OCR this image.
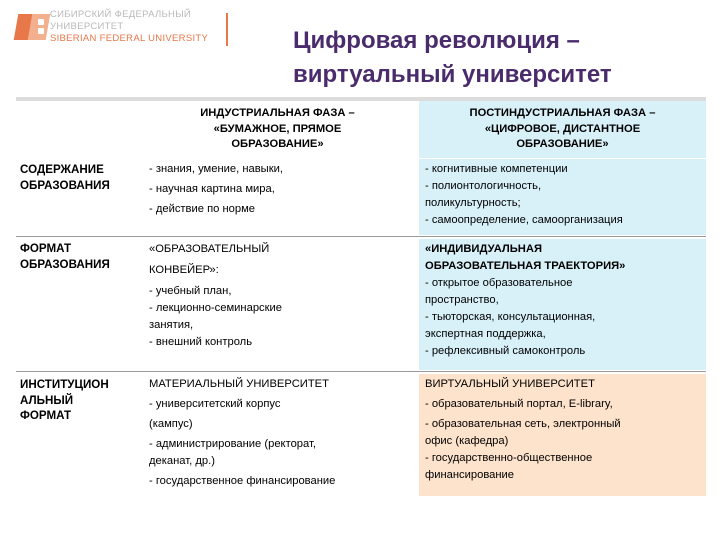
СИБИРСКИЙ ФЕДЕРАЛЬНЫЙ УНИВЕРСИТЕТ
SIBERIAN FEDERAL UNIVERSITY	Цифровая революция –
виртуальный университет
ИНДУСТРИАЛЬНАЯ ФАЗА –
«БУМАЖНОЕ, ПРЯМОЕ
ОБРАЗОВАНИЕ»
ПОСТИНДУСТРИАЛЬНАЯ ФАЗА –
«ЦИФРОВОЕ, ДИСТАНТНОЕ
ОБРАЗОВАНИЕ»
СОДЕРЖАНИЕ
ОБРАЗОВАНИЯ
- знания, умение, навыки,
- научная картина мира,
- действие по норме
- когнитивные компетенции
- полионтологичность,
поликультурность;
- самоопределение, самоорганизация
ФОРМАТ
ОБРАЗОВАНИЯ
«ОБРАЗОВАТЕЛЬНЫЙ
КОНВЕЙЕР»:
- учебный план,
- лекционно-семинарские
занятия,
- внешний контроль
«ИНДИВИДУАЛЬНАЯ
ОБРАЗОВАТЕЛЬНАЯ ТРАЕКТОРИЯ»
- открытое образовательное
пространство,
- тьюторская, консультационная,
экспертная поддержка,
- рефлексивный самоконтроль
ИНСТИТУЦИОН
АЛЬНЫЙ
ФОРМАТ
МАТЕРИАЛЬНЫЙ УНИВЕРСИТЕТ
- университетский корпус
(кампус)
- администрирование (ректорат,
деканат, др.)
- государственное финансирование
ВИРТУАЛЬНЫЙ УНИВЕРСИТЕТ
- образовательный портал, E-library,
- образовательная сеть, электронный
офис (кафедра)
- государственно-общественное
финансирование
